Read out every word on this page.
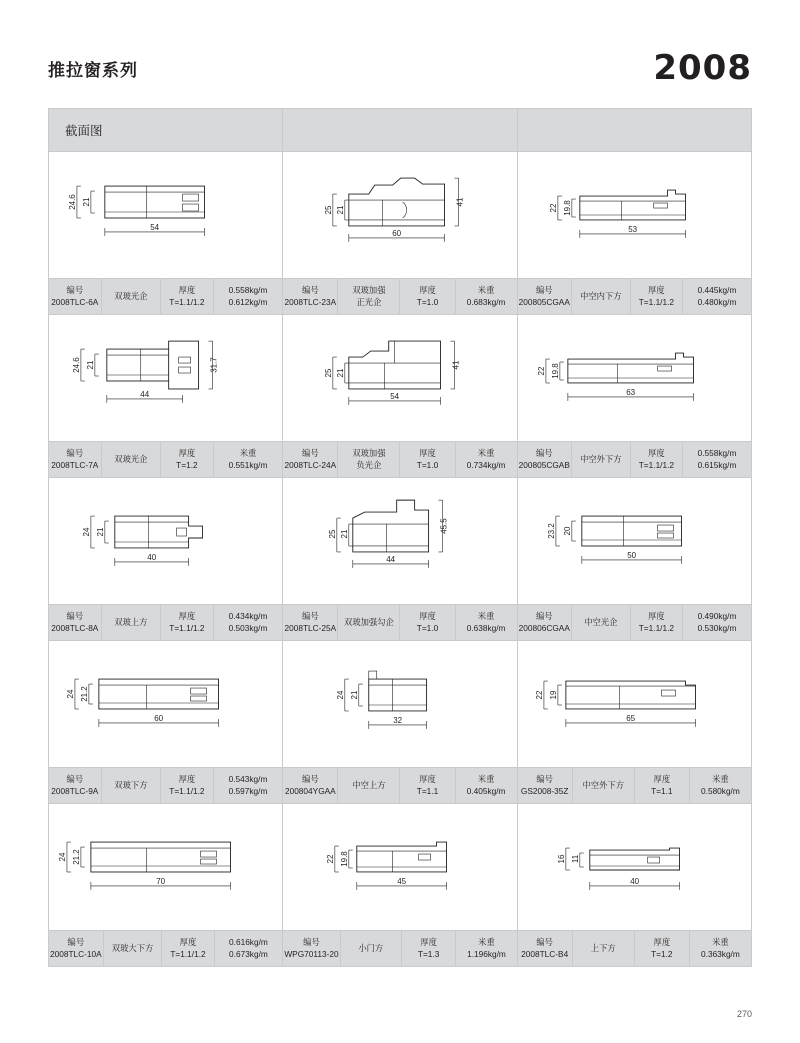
推拉窗系列	2008
截面图
24.6 21
54
编号
2008TLC-6A
双玻光企
厚度
T=1.1/1.2
0.558kg/m
0.612kg/m
25 21
41
60
编号
2008TLC-23A
双玻加强
正光企
厚度
T=1.0
米重
0.683kg/m
22 19.8
53
编号
200805CGAA
中空内下方
厚度
T=1.1/1.2
0.445kg/m
0.480kg/m
24.6 21	31.7
44
编号
2008TLC-7A
双玻光企
厚度
T=1.2
米重
0.551kg/m
25 21
41
54
编号
2008TLC-24A
双玻加强
负光企
厚度
T=1.0
米重
0.734kg/m
22 19.8
63
编号
200805CGAB
中空外下方
厚度
T=1.1/1.2
0.558kg/m
0.615kg/m
24 21
40
编号
2008TLC-8A
双玻上方
厚度
T=1.1/1.2
0.434kg/m
0.503kg/m
25 21
45.5
44
编号
2008TLC-25A
双玻加强勾企
厚度
T=1.0
米重
0.638kg/m
23.2 20
50
编号
200806CGAA
中空光企
厚度
T=1.1/1.2
0.490kg/m
0.530kg/m
24 21.2
60
编号
2008TLC-9A
双玻下方
厚度
T=1.1/1.2
0.543kg/m
0.597kg/m
24 21
32
编号
200804YGAA
中空上方
厚度
T=1.1
米重
0.405kg/m
22 19
65
编号
GS2008-35Z
中空外下方
厚度
T=1.1
米重
0.580kg/m
24 21.2
70
编号
2008TLC-10A
双玻大下方
厚度
T=1.1/1.2
0.616kg/m
0.673kg/m
22 19.8
45
编号
WPG70113-20
小门方
厚度
T=1.3
米重
1.196kg/m
16 11
40
编号
2008TLC-B4
上下方
厚度
T=1.2
米重
0.363kg/m
270
